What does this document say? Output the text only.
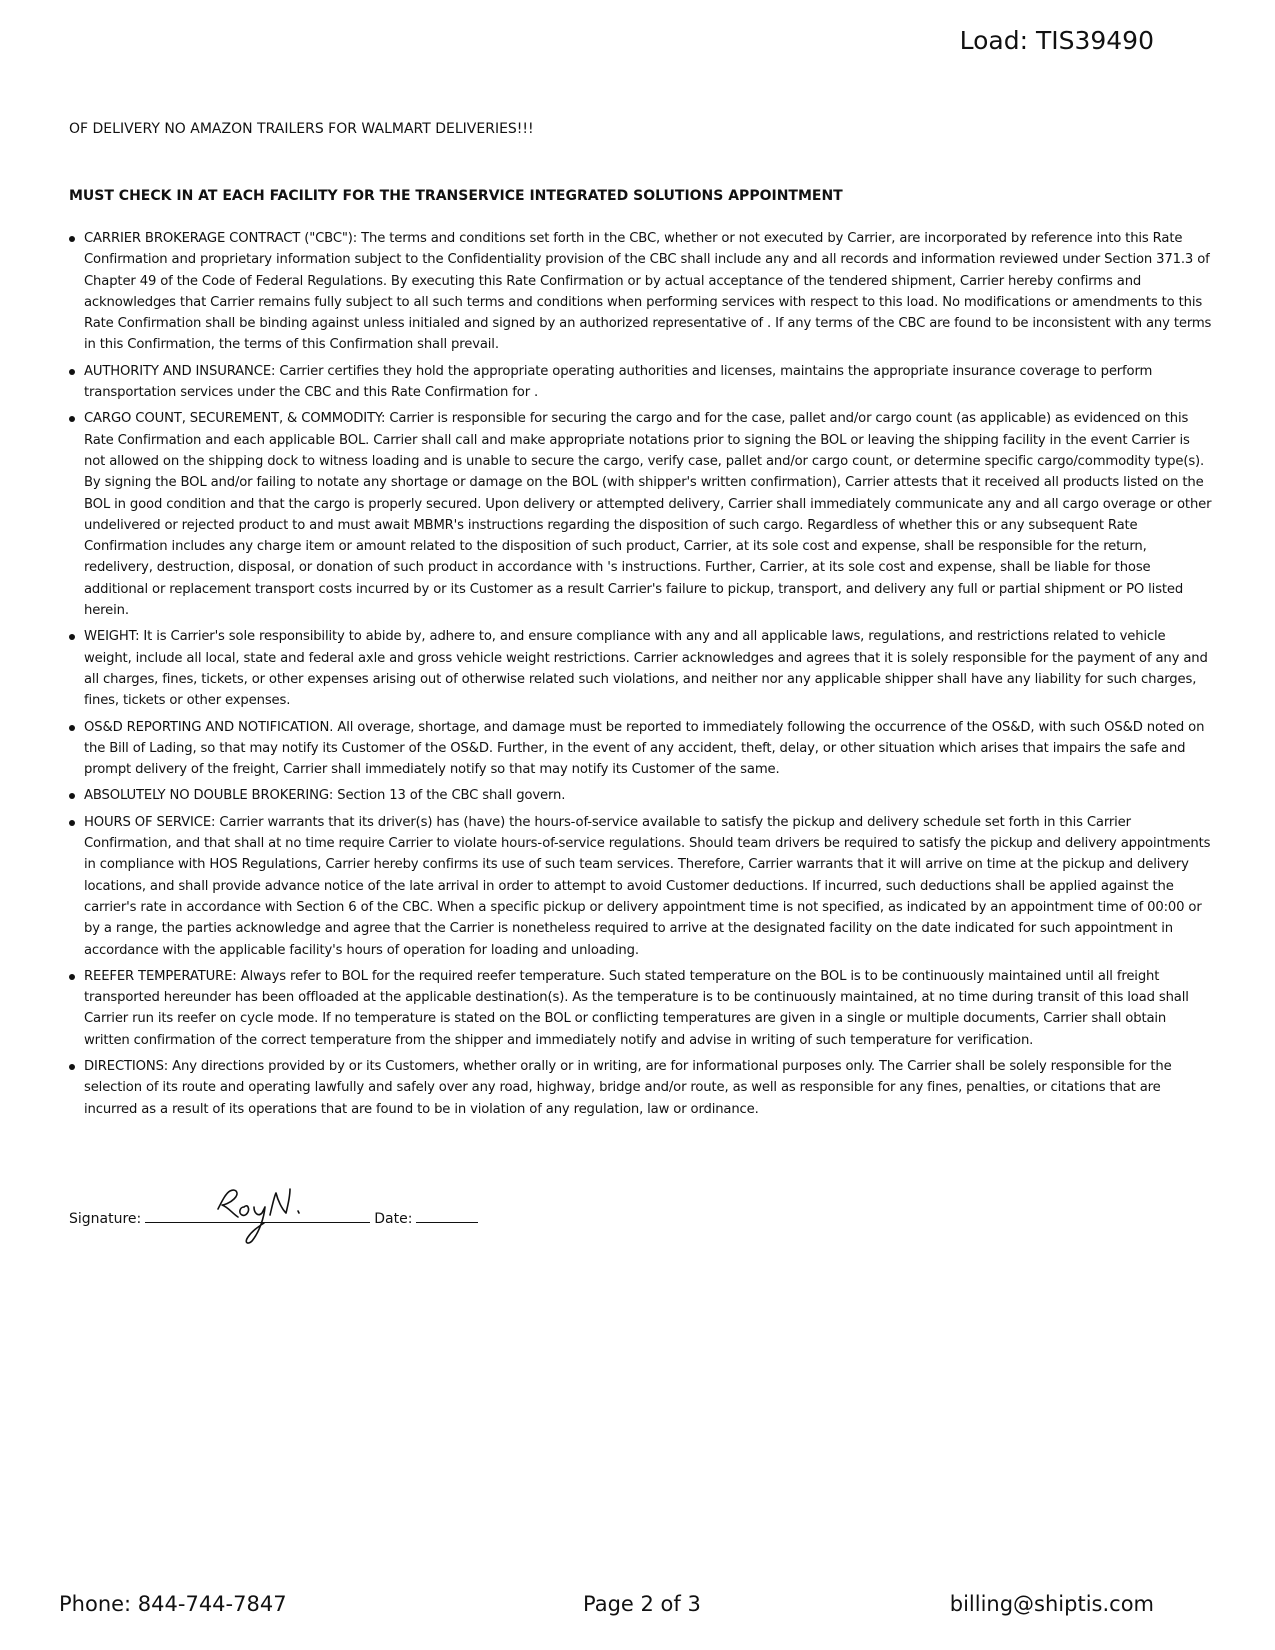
Load: TIS39490
OF DELIVERY NO AMAZON TRAILERS FOR WALMART DELIVERIES!!!
MUST CHECK IN AT EACH FACILITY FOR THE TRANSERVICE INTEGRATED SOLUTIONS APPOINTMENT
CARRIER BROKERAGE CONTRACT ("CBC"): The terms and conditions set forth in the CBC, whether or not executed by Carrier, are incorporated by reference into this Rate Confirmation and proprietary information subject to the Confidentiality provision of the CBC shall include any and all records and information reviewed under Section 371.3 of Chapter 49 of the Code of Federal Regulations. By executing this Rate Confirmation or by actual acceptance of the tendered shipment, Carrier hereby confirms and acknowledges that Carrier remains fully subject to all such terms and conditions when performing services with respect to this load. No modifications or amendments to this Rate Confirmation shall be binding against unless initialed and signed by an authorized representative of . If any terms of the CBC are found to be inconsistent with any terms in this Confirmation, the terms of this Confirmation shall prevail.
AUTHORITY AND INSURANCE: Carrier certifies they hold the appropriate operating authorities and licenses, maintains the appropriate insurance coverage to perform transportation services under the CBC and this Rate Confirmation for .
CARGO COUNT, SECUREMENT, & COMMODITY: Carrier is responsible for securing the cargo and for the case, pallet and/or cargo count (as applicable) as evidenced on this Rate Confirmation and each applicable BOL. Carrier shall call and make appropriate notations prior to signing the BOL or leaving the shipping facility in the event Carrier is not allowed on the shipping dock to witness loading and is unable to secure the cargo, verify case, pallet and/or cargo count, or determine specific cargo/commodity type(s). By signing the BOL and/or failing to notate any shortage or damage on the BOL (with shipper's written confirmation), Carrier attests that it received all products listed on the BOL in good condition and that the cargo is properly secured. Upon delivery or attempted delivery, Carrier shall immediately communicate any and all cargo overage or other undelivered or rejected product to and must await MBMR's instructions regarding the disposition of such cargo. Regardless of whether this or any subsequent Rate Confirmation includes any charge item or amount related to the disposition of such product, Carrier, at its sole cost and expense, shall be responsible for the return, redelivery, destruction, disposal, or donation of such product in accordance with 's instructions. Further, Carrier, at its sole cost and expense, shall be liable for those additional or replacement transport costs incurred by or its Customer as a result Carrier's failure to pickup, transport, and delivery any full or partial shipment or PO listed herein.
WEIGHT: It is Carrier's sole responsibility to abide by, adhere to, and ensure compliance with any and all applicable laws, regulations, and restrictions related to vehicle weight, include all local, state and federal axle and gross vehicle weight restrictions. Carrier acknowledges and agrees that it is solely responsible for the payment of any and all charges, fines, tickets, or other expenses arising out of otherwise related such violations, and neither nor any applicable shipper shall have any liability for such charges, fines, tickets or other expenses.
OS&D REPORTING AND NOTIFICATION. All overage, shortage, and damage must be reported to immediately following the occurrence of the OS&D, with such OS&D noted on the Bill of Lading, so that may notify its Customer of the OS&D. Further, in the event of any accident, theft, delay, or other situation which arises that impairs the safe and prompt delivery of the freight, Carrier shall immediately notify so that may notify its Customer of the same.
ABSOLUTELY NO DOUBLE BROKERING: Section 13 of the CBC shall govern.
HOURS OF SERVICE: Carrier warrants that its driver(s) has (have) the hours-of-service available to satisfy the pickup and delivery schedule set forth in this Carrier Confirmation, and that shall at no time require Carrier to violate hours-of-service regulations. Should team drivers be required to satisfy the pickup and delivery appointments in compliance with HOS Regulations, Carrier hereby confirms its use of such team services. Therefore, Carrier warrants that it will arrive on time at the pickup and delivery locations, and shall provide advance notice of the late arrival in order to attempt to avoid Customer deductions. If incurred, such deductions shall be applied against the carrier's rate in accordance with Section 6 of the CBC. When a specific pickup or delivery appointment time is not specified, as indicated by an appointment time of 00:00 or by a range, the parties acknowledge and agree that the Carrier is nonetheless required to arrive at the designated facility on the date indicated for such appointment in accordance with the applicable facility's hours of operation for loading and unloading.
REEFER TEMPERATURE: Always refer to BOL for the required reefer temperature. Such stated temperature on the BOL is to be continuously maintained until all freight transported hereunder has been offloaded at the applicable destination(s). As the temperature is to be continuously maintained, at no time during transit of this load shall Carrier run its reefer on cycle mode. If no temperature is stated on the BOL or conflicting temperatures are given in a single or multiple documents, Carrier shall obtain written confirmation of the correct temperature from the shipper and immediately notify and advise in writing of such temperature for verification.
DIRECTIONS: Any directions provided by or its Customers, whether orally or in writing, are for informational purposes only. The Carrier shall be solely responsible for the selection of its route and operating lawfully and safely over any road, highway, bridge and/or route, as well as responsible for any fines, penalties, or citations that are incurred as a result of its operations that are found to be in violation of any regulation, law or ordinance.
Signature:	Date:
Phone: 844-744-7847	Page 2 of 3	billing@shiptis.com
